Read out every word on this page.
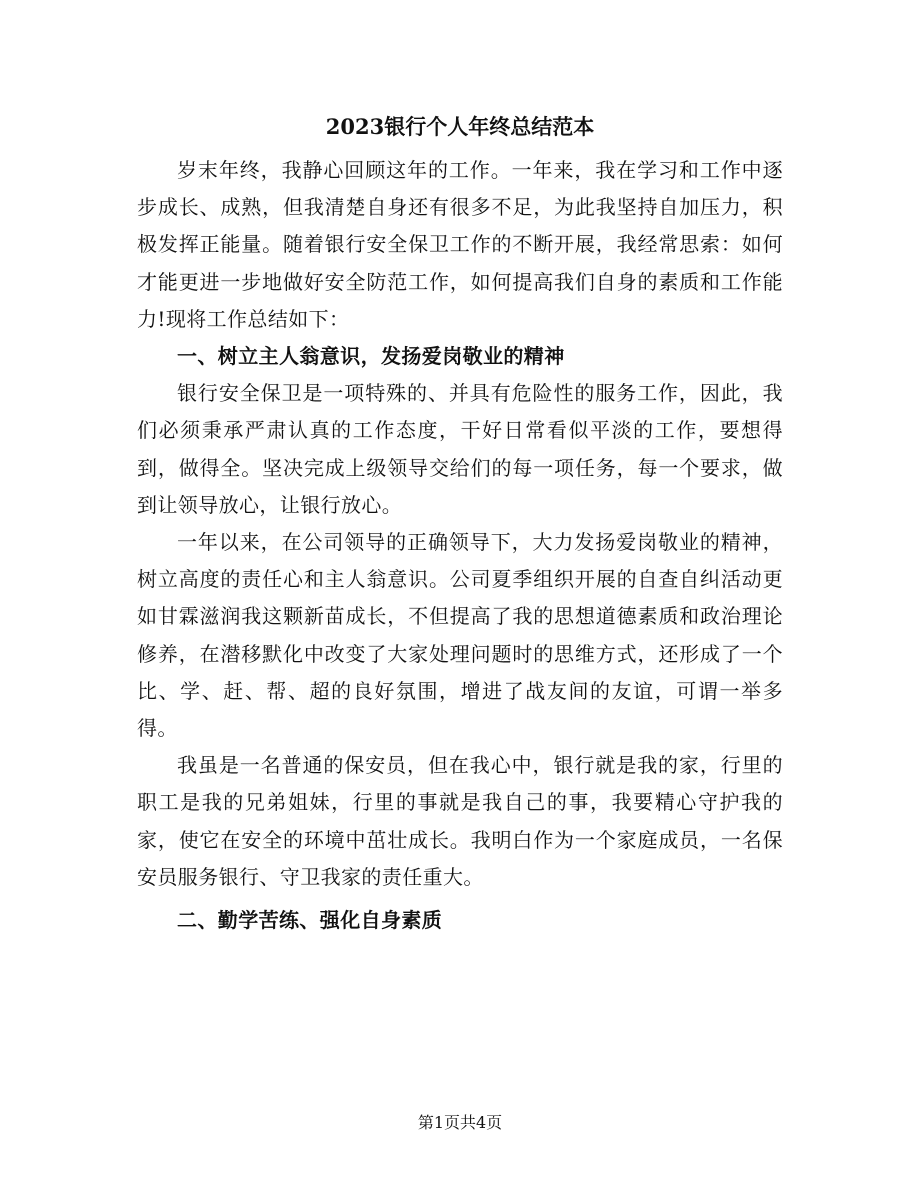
2023银行个人年终总结范本

岁末年终，我静心回顾这年的工作。一年来，我在学习和工作中逐步成长、成熟，但我清楚自身还有很多不足，为此我坚持自加压力，积极发挥正能量。随着银行安全保卫工作的不断开展，我经常思索：如何才能更进一步地做好安全防范工作，如何提高我们自身的素质和工作能力!现将工作总结如下：

一、树立主人翁意识，发扬爱岗敬业的精神

银行安全保卫是一项特殊的、并具有危险性的服务工作，因此，我们必须秉承严肃认真的工作态度，干好日常看似平淡的工作，要想得到，做得全。坚决完成上级领导交给们的每一项任务，每一个要求，做到让领导放心，让银行放心。

一年以来，在公司领导的正确领导下，大力发扬爱岗敬业的精神，树立高度的责任心和主人翁意识。公司夏季组织开展的自查自纠活动更如甘霖滋润我这颗新苗成长，不但提高了我的思想道德素质和政治理论修养，在潜移默化中改变了大家处理问题时的思维方式，还形成了一个比、学、赶、帮、超的良好氛围，增进了战友间的友谊，可谓一举多得。

我虽是一名普通的保安员，但在我心中，银行就是我的家，行里的职工是我的兄弟姐妹，行里的事就是我自己的事，我要精心守护我的家，使它在安全的环境中茁壮成长。我明白作为一个家庭成员，一名保安员服务银行、守卫我家的责任重大。

二、勤学苦练、强化自身素质

第1页共4页
